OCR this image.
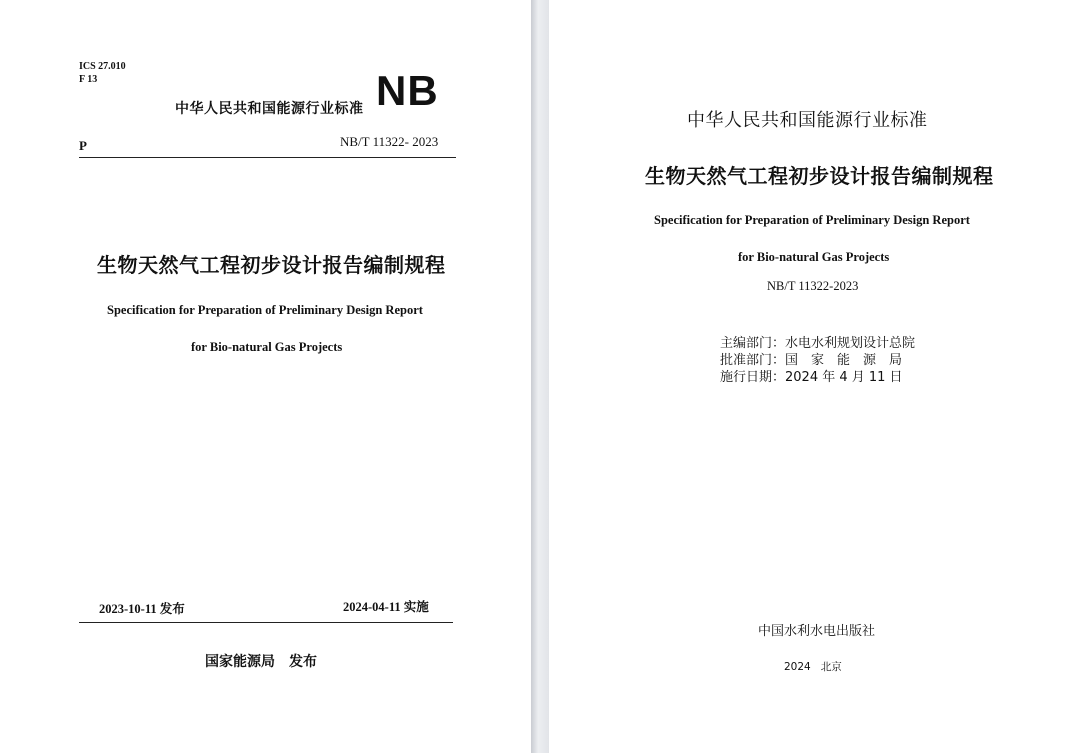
ICS 27.010
F 13
中华人民共和国能源行业标准 NB
P	NB/T 11322- 2023
生物天然气工程初步设计报告编制规程
Specification for Preparation of Preliminary Design Report
for Bio-natural Gas Projects
2023-10-11 发布	2024-04-11 实施
国家能源局 发布
中华人民共和国能源行业标准
生物天然气工程初步设计报告编制规程
Specification for Preparation of Preliminary Design Report
for Bio-natural Gas Projects
NB/T 11322-2023
主编部门：水电水利规划设计总院
批准部门：国　家　能　源　局
施行日期：2024 年 4 月 11 日
中国水利水电出版社
2024 北京
